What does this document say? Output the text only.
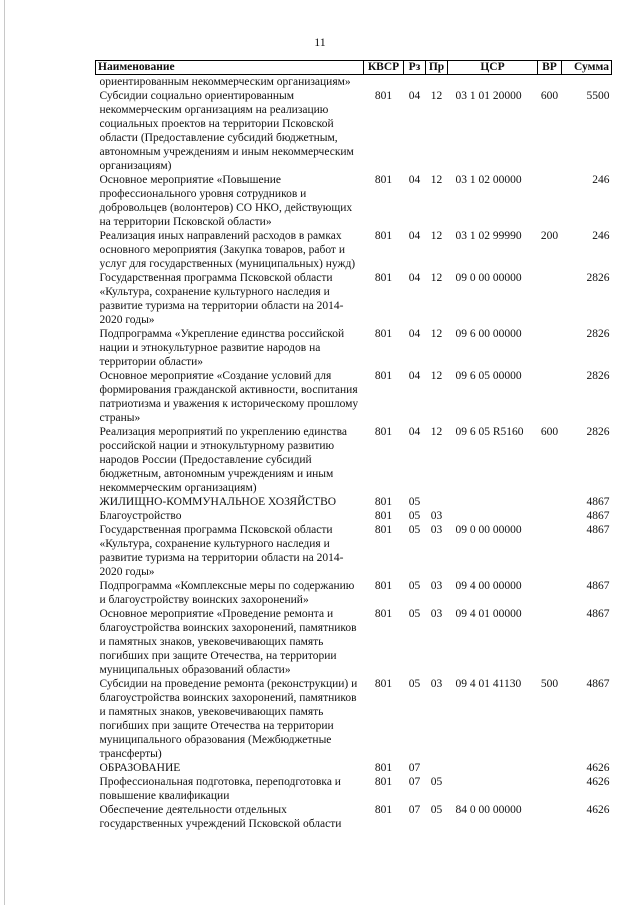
11
Наименование	КВСР	Рз	Пр	ЦСР	ВР	Сумма
ориентированным некоммерческим организациям»						
Субсидии социально ориентированным некоммерческим организациям на реализацию социальных проектов на территории Псковской области (Предоставление субсидий бюджетным, автономным учреждениям и иным некоммерческим организациям)	801	04	12	03 1 01 20000	600	5500
Основное мероприятие «Повышение профессионального уровня сотрудников и добровольцев (волонтеров) СО НКО, действующих на территории Псковской области»	801	04	12	03 1 02 00000		246
Реализация иных направлений расходов в рамках основного мероприятия (Закупка товаров, работ и услуг для государственных (муниципальных) нужд)	801	04	12	03 1 02 99990	200	246
Государственная программа Псковской области «Культура, сохранение культурного наследия и развитие туризма на территории области на 2014-2020 годы»	801	04	12	09 0 00 00000		2826
Подпрограмма «Укрепление единства российской нации и этнокультурное развитие народов на территории области»	801	04	12	09 6 00 00000		2826
Основное мероприятие «Создание условий для формирования гражданской активности, воспитания патриотизма и уважения к историческому прошлому страны»	801	04	12	09 6 05 00000		2826
Реализация мероприятий по укреплению единства российской нации и этнокультурному развитию народов России (Предоставление субсидий бюджетным, автономным учреждениям и иным некоммерческим организациям)	801	04	12	09 6 05 R5160	600	2826
ЖИЛИЩНО-КОММУНАЛЬНОЕ ХОЗЯЙСТВО	801	05				4867
Благоустройство	801	05	03			4867
Государственная программа Псковской области «Культура, сохранение культурного наследия и развитие туризма на территории области на 2014-2020 годы»	801	05	03	09 0 00 00000		4867
Подпрограмма «Комплексные меры по содержанию и благоустройству воинских захоронений»	801	05	03	09 4 00 00000		4867
Основное мероприятие «Проведение ремонта и благоустройства воинских захоронений, памятников и памятных знаков, увековечивающих память погибших при защите Отечества, на территории муниципальных образований области»	801	05	03	09 4 01 00000		4867
Субсидии на проведение ремонта (реконструкции) и благоустройства воинских захоронений, памятников и памятных знаков, увековечивающих память погибших при защите Отечества на территории муниципального образования (Межбюджетные трансферты)	801	05	03	09 4 01 41130	500	4867
ОБРАЗОВАНИЕ	801	07				4626
Профессиональная подготовка, переподготовка и повышение квалификации	801	07	05			4626
Обеспечение деятельности отдельных государственных учреждений Псковской области	801	07	05	84 0 00 00000		4626
